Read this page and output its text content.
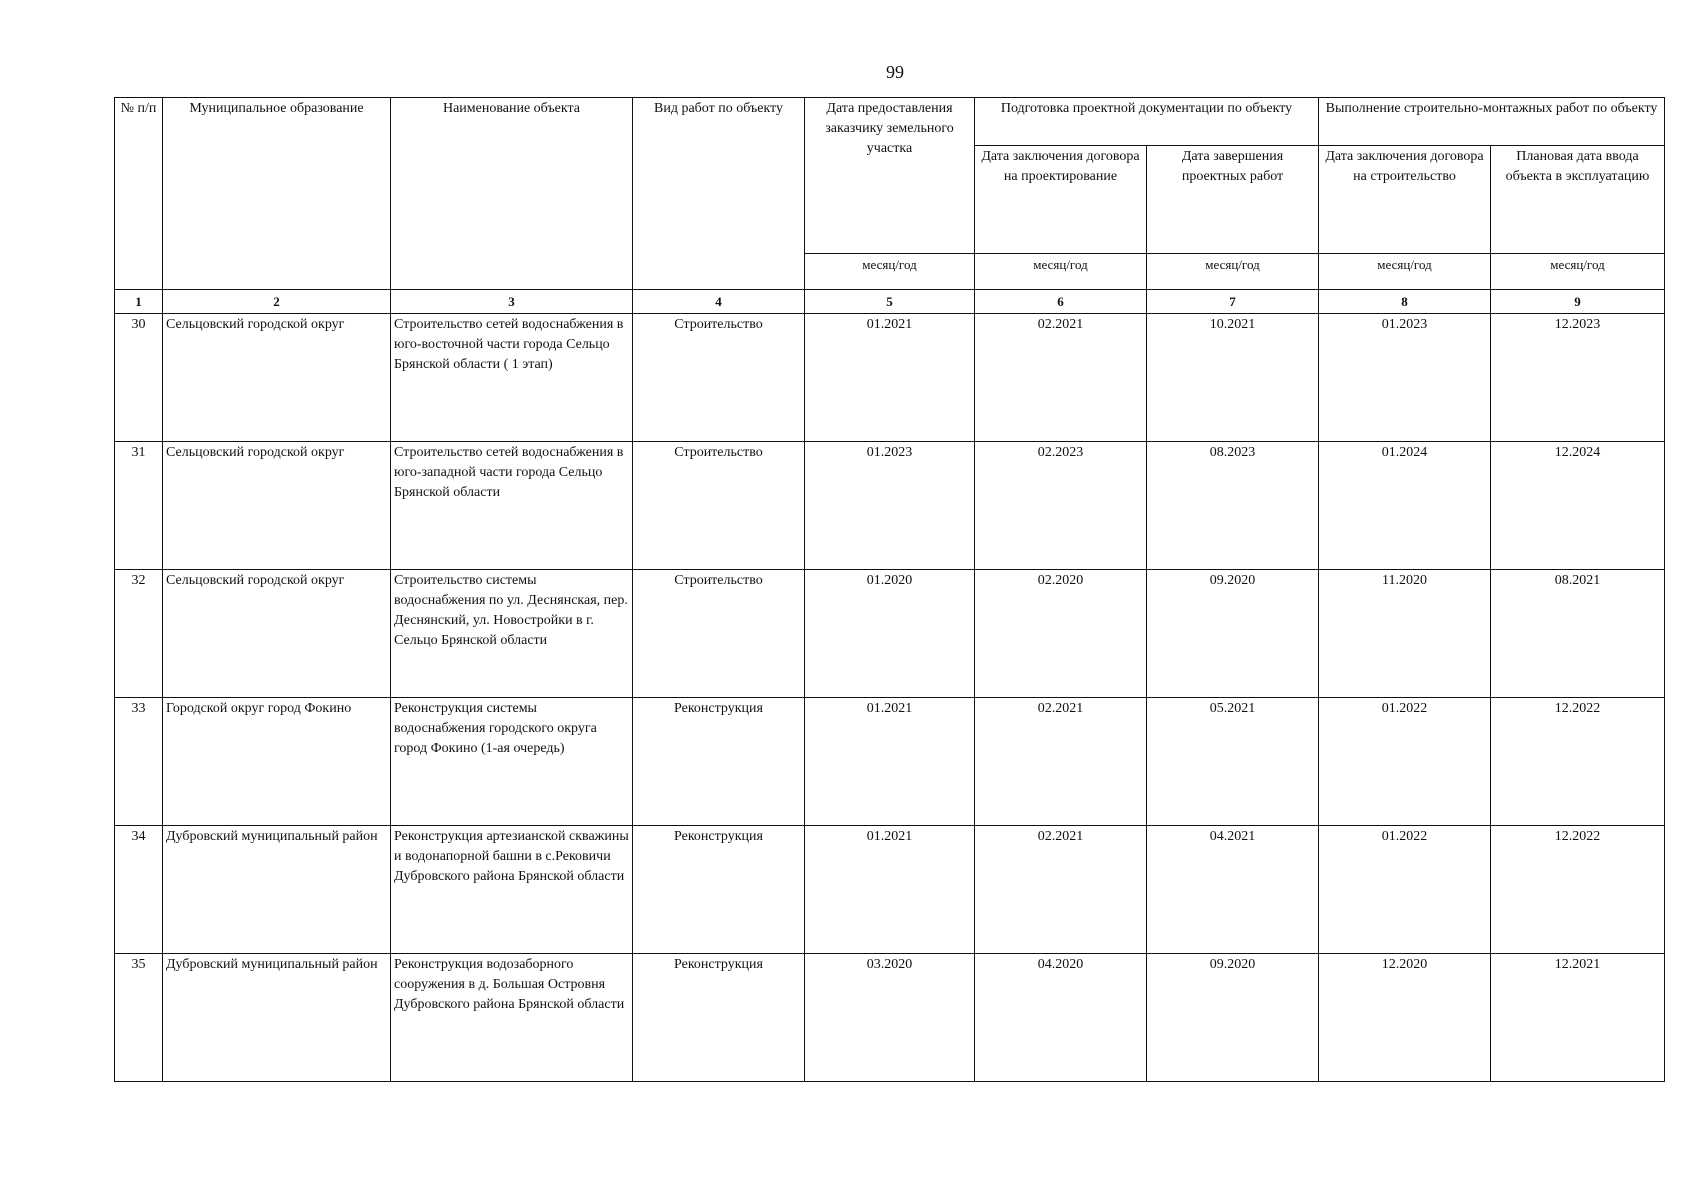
99
№ п/п	Муниципальное образование	Наименование объекта	Вид работ по объекту	Дата предоставления заказчику земельного участка	Подготовка проектной документации по объекту		Выполнение строительно-монтажных работ по объекту	
					Дата заключения договора на проектирование	Дата завершения проектных работ	Дата заключения договора на строительство	Плановая дата ввода объекта в эксплуатацию
				месяц/год	месяц/год	месяц/год	месяц/год	месяц/год
1	2	3	4	5	6	7	8	9
30	Сельцовский городской округ	Строительство сетей водоснабжения в юго-восточной части города Сельцо Брянской области ( 1 этап)	Строительство	01.2021	02.2021	10.2021	01.2023	12.2023
31	Сельцовский городской округ	Строительство сетей водоснабжения в юго-западной части города Сельцо Брянской области	Строительство	01.2023	02.2023	08.2023	01.2024	12.2024
32	Сельцовский городской округ	Строительство системы водоснабжения по ул. Деснянская, пер. Деснянский, ул. Новостройки в г. Сельцо Брянской области	Строительство	01.2020	02.2020	09.2020	11.2020	08.2021
33	Городской округ город Фокино	Реконструкция системы водоснабжения городского округа город Фокино (1-ая очередь)	Реконструкция	01.2021	02.2021	05.2021	01.2022	12.2022
34	Дубровский муниципальный район	Реконструкция артезианской скважины и водонапорной башни в с.Рековичи Дубровского района Брянской области	Реконструкция	01.2021	02.2021	04.2021	01.2022	12.2022
35	Дубровский муниципальный район	Реконструкция водозаборного сооружения в д. Большая Островня Дубровского района Брянской области	Реконструкция	03.2020	04.2020	09.2020	12.2020	12.2021
